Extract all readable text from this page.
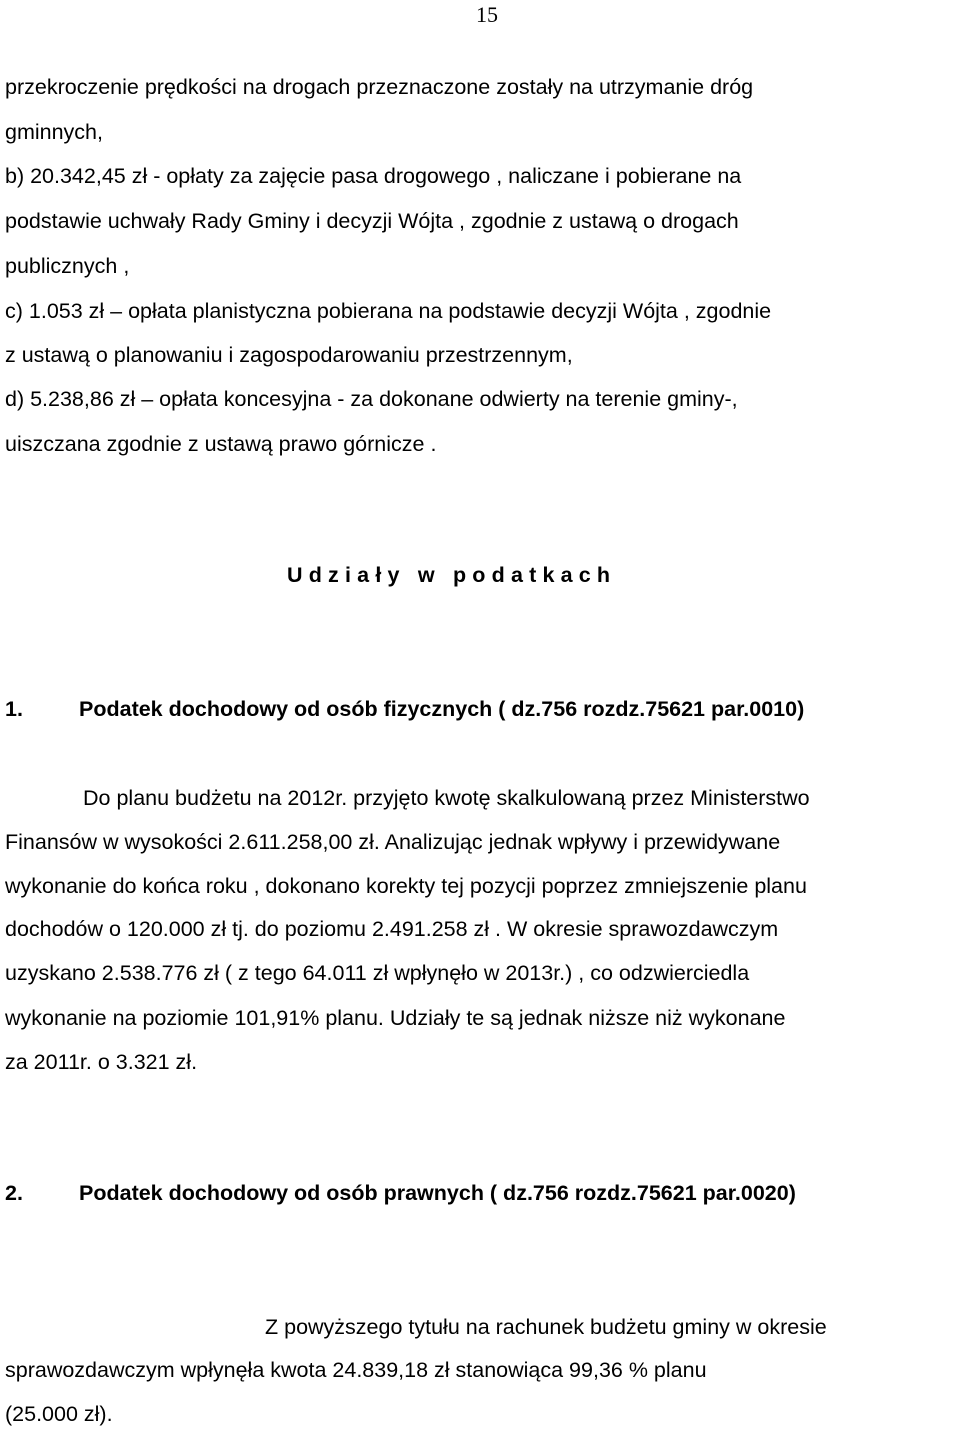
15
przekroczenie prędkości na drogach przeznaczone zostały na utrzymanie dróg
gminnych,
b) 20.342,45 zł - opłaty za zajęcie pasa drogowego , naliczane i pobierane na
podstawie uchwały Rady Gminy i decyzji Wójta , zgodnie z ustawą o drogach
publicznych ,
c) 1.053 zł – opłata planistyczna pobierana na podstawie decyzji Wójta , zgodnie
z ustawą o planowaniu i zagospodarowaniu przestrzennym,
d) 5.238,86 zł – opłata koncesyjna - za dokonane odwierty na terenie gminy-,
uiszczana zgodnie z ustawą prawo górnicze .
Udziały w podatkach
1.	Podatek dochodowy od osób fizycznych ( dz.756 rozdz.75621 par.0010)
Do planu budżetu na 2012r. przyjęto kwotę skalkulowaną przez Ministerstwo
Finansów w wysokości 2.611.258,00 zł. Analizując jednak wpływy i przewidywane
wykonanie do końca roku , dokonano korekty tej pozycji poprzez zmniejszenie planu
dochodów o 120.000 zł tj. do poziomu 2.491.258 zł . W okresie sprawozdawczym
uzyskano 2.538.776 zł ( z tego 64.011 zł wpłynęło w 2013r.) , co odzwierciedla
wykonanie na poziomie 101,91% planu. Udziały te są jednak niższe niż wykonane
za 2011r. o 3.321 zł.
2.	Podatek dochodowy od osób prawnych ( dz.756 rozdz.75621 par.0020)
Z powyższego tytułu na rachunek budżetu gminy w okresie
sprawozdawczym wpłynęła kwota 24.839,18 zł stanowiąca 99,36 % planu
(25.000 zł).
